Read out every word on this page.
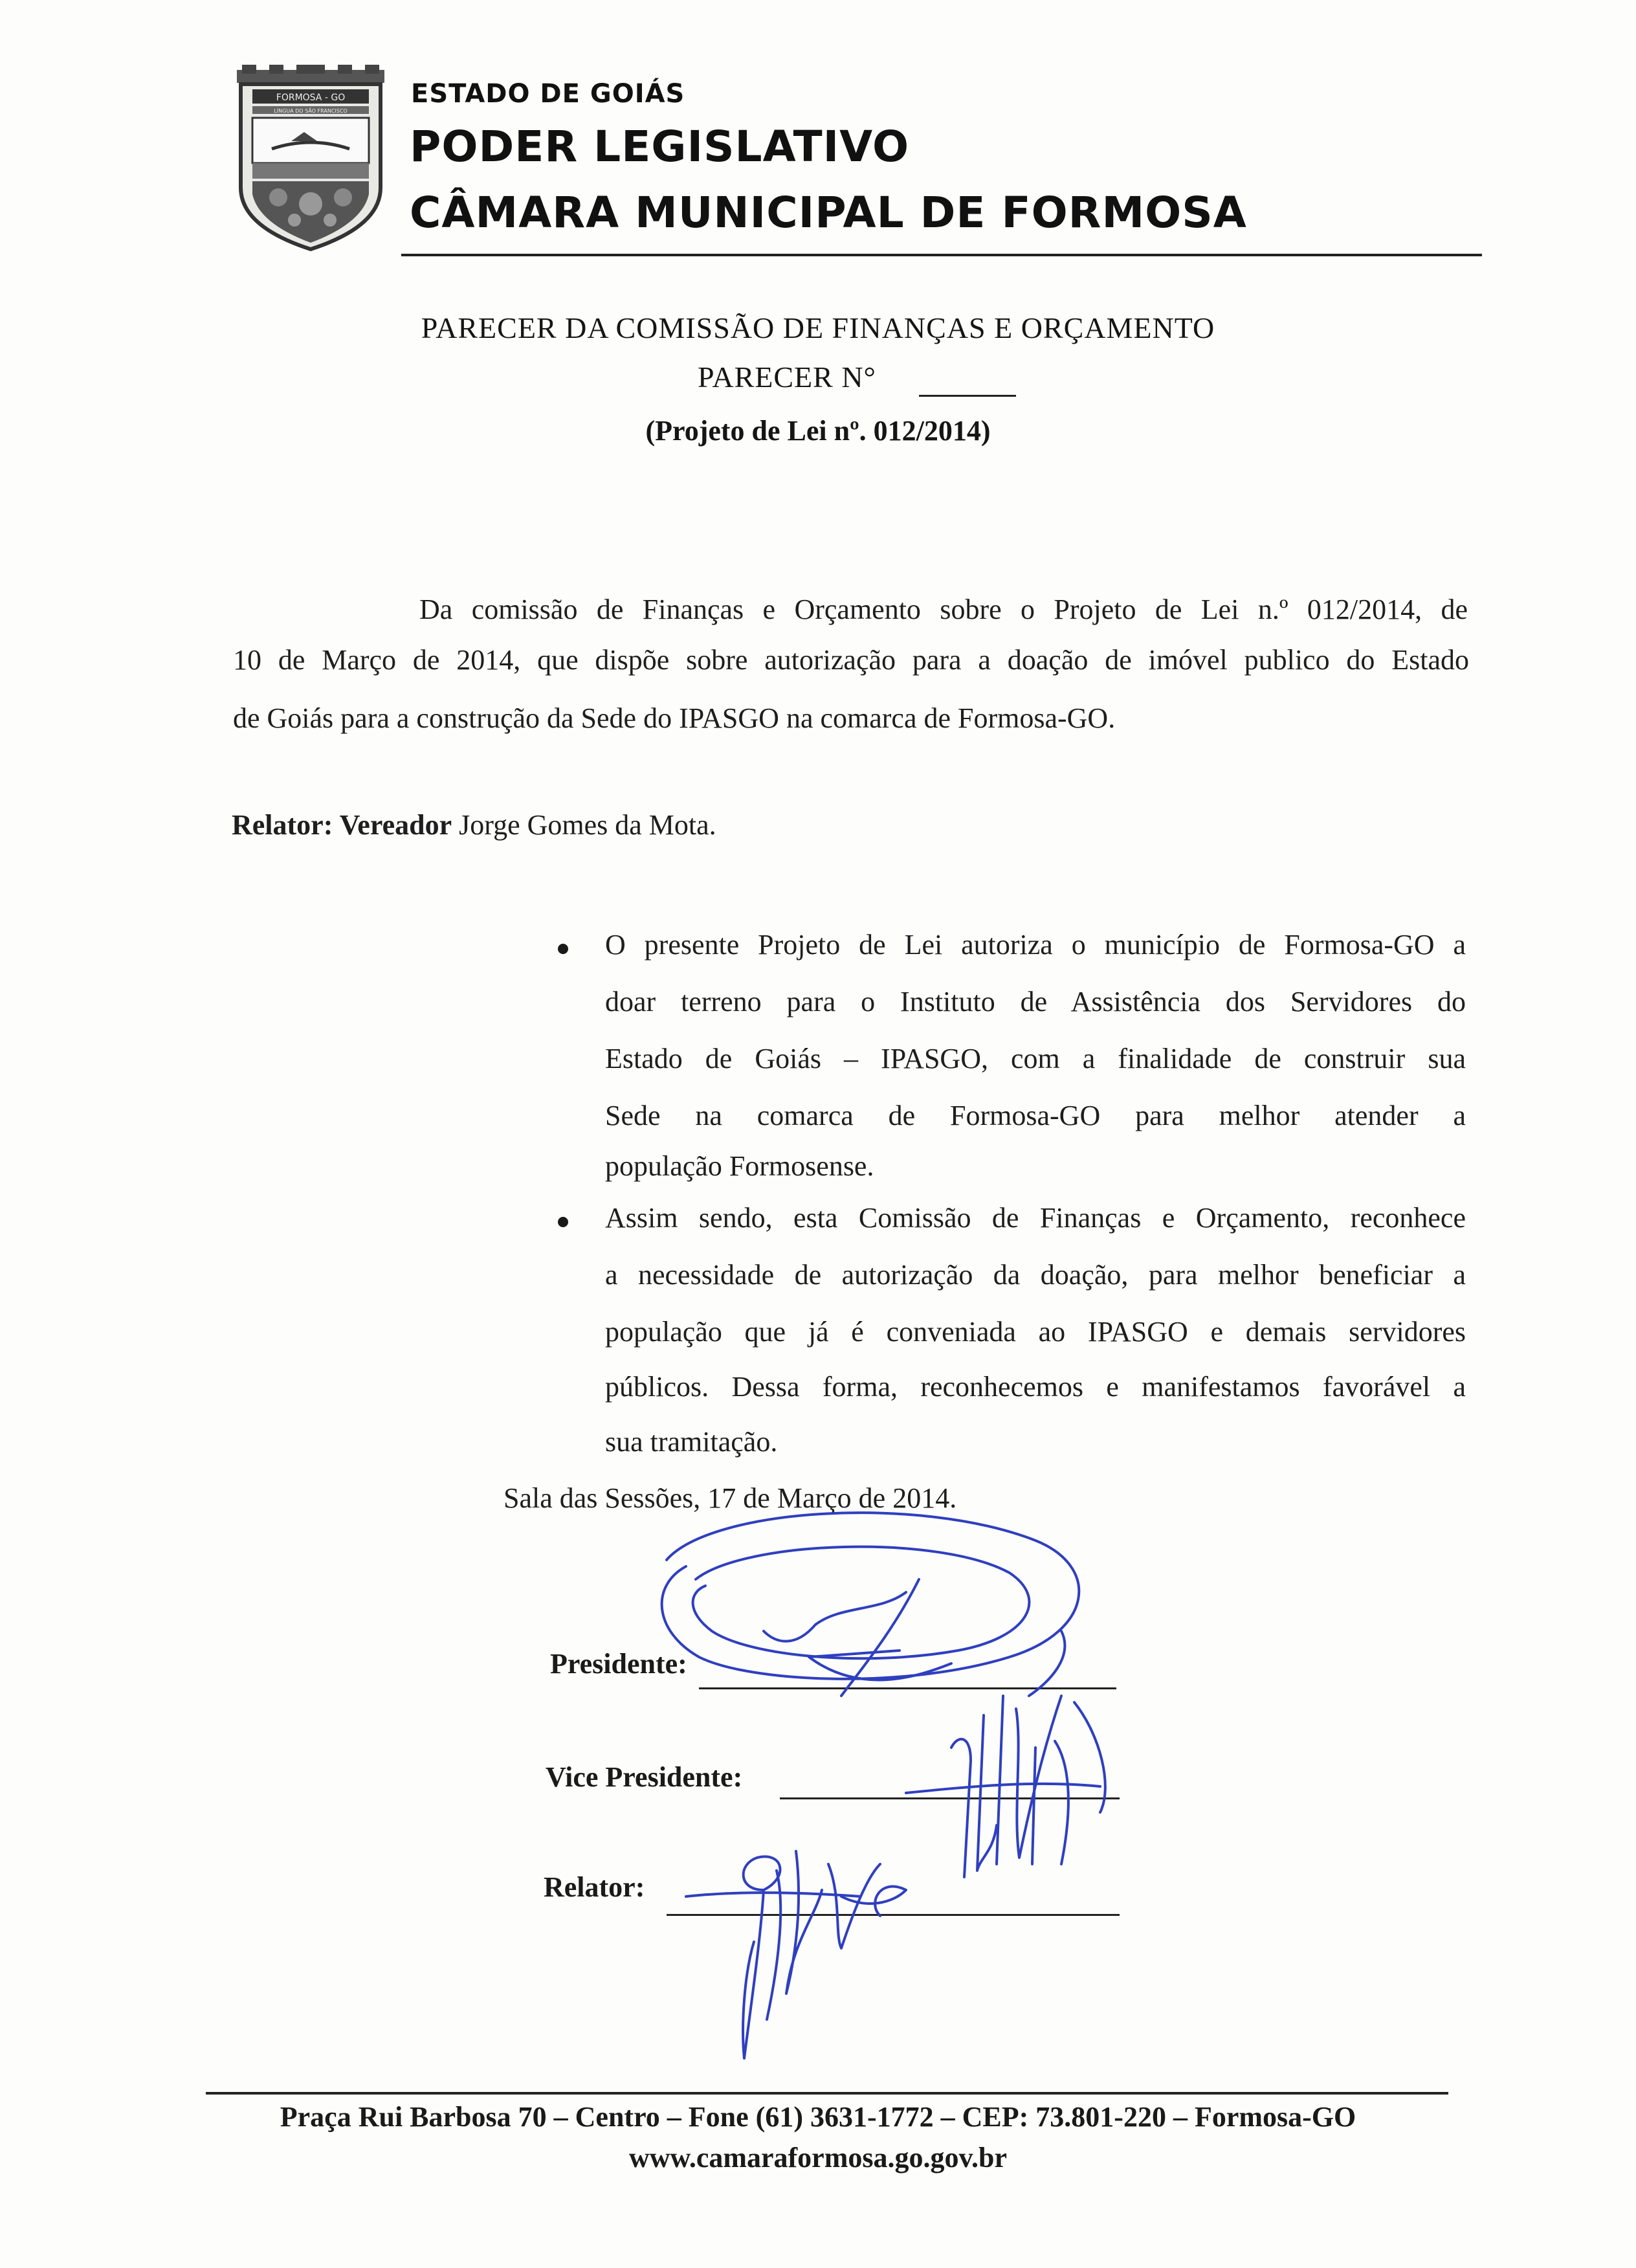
FORMOSA - GO
LÍNGUA DO SÃO FRANCISCO
ESTADO DE GOIÁS
PODER LEGISLATIVO
CÂMARA MUNICIPAL DE FORMOSA
PARECER DA COMISSÃO DE FINANÇAS E ORÇAMENTO
PARECER N°
(Projeto de Lei nº. 012/2014)
Da comissão de Finanças e Orçamento sobre o Projeto de Lei n.º 012/2014, de
10 de Março de 2014, que dispõe sobre autorização para a doação de imóvel publico do Estado
de Goiás para a construção da Sede do IPASGO na comarca de Formosa-GO.
Relator: Vereador Jorge Gomes da Mota.
O presente Projeto de Lei autoriza o município de Formosa-GO a
doar terreno para o Instituto de Assistência dos Servidores do
Estado de Goiás – IPASGO, com a finalidade de construir sua
Sede na comarca de Formosa-GO para melhor atender a
população Formosense.
Assim sendo, esta Comissão de Finanças e Orçamento, reconhece
a necessidade de autorização da doação, para melhor beneficiar a
população que já é conveniada ao IPASGO e demais servidores
públicos. Dessa forma, reconhecemos e manifestamos favorável a
sua tramitação.
Sala das Sessões, 17 de Março de 2014.
Presidente:
Vice Presidente:
Relator:
Praça Rui Barbosa 70 – Centro – Fone (61) 3631-1772 – CEP: 73.801-220 – Formosa-GO
www.camaraformosa.go.gov.br
